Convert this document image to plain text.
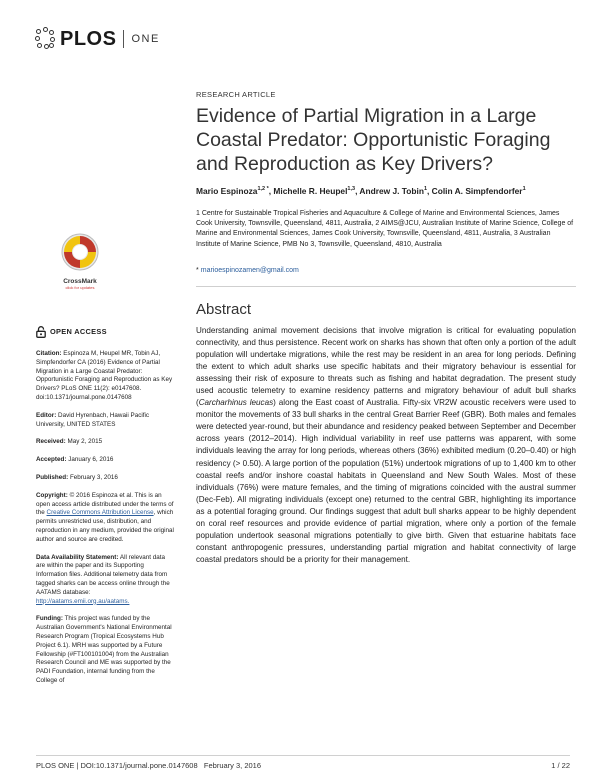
PLOS ONE
RESEARCH ARTICLE
Evidence of Partial Migration in a Large Coastal Predator: Opportunistic Foraging and Reproduction as Key Drivers?
Mario Espinoza$^{1,2 *}$, Michelle R. Heupel$^{1,3}$, Andrew J. Tobin$^1$, Colin A. Simpfendorfer$^1$
1 Centre for Sustainable Tropical Fisheries and Aquaculture & College of Marine and Environmental Sciences, James Cook University, Townsville, Queensland, 4811, Australia, 2 AIMS@JCU, Australian Institute of Marine Science, College of Marine and Environmental Sciences, James Cook University, Townsville, Queensland, 4811, Australia, 3 Australian Institute of Marine Science, PMB No 3, Townsville, Queensland, 4810, Australia
* marioespinozamen@gmail.com
Abstract

Understanding animal movement decisions that involve migration is critical for evaluating population connectivity, and thus persistence. Recent work on sharks has shown that often only a portion of the adult population will undertake migrations, while the rest may be resident in an area for long periods. Defining the extent to which adult sharks use specific habitats and their migratory behaviour is essential for assessing their risk of exposure to threats such as fishing and habitat degradation. The present study used acoustic telemetry to examine residency patterns and migratory behaviour of adult bull sharks (Carcharhinus leucas) along the East coast of Australia. Fifty-six VR2W acoustic receivers were used to monitor the movements of 33 bull sharks in the central Great Barrier Reef (GBR). Both males and females were detected year-round, but their abundance and residency peaked between September and December across years (2012–2014). High individual variability in reef use patterns was apparent, with some individuals leaving the array for long periods, whereas others (36%) exhibited medium (0.20–0.40) or high residency (> 0.50). A large portion of the population (51%) undertook migrations of up to 1,400 km to other coastal reefs and/or inshore coastal habitats in Queensland and New South Wales. Most of these individuals (76%) were mature females, and the timing of migrations coincided with the austral summer (Dec-Feb). All migrating individuals (except one) returned to the central GBR, highlighting its importance as a potential foraging ground. Our findings suggest that adult bull sharks appear to be highly dependent on coral reef resources and provide evidence of partial migration, where only a portion of the female population undertook seasonal migrations potentially to give birth. Given that estuarine habitats face constant anthropogenic pressures, understanding partial migration and habitat connectivity of large coastal predators should be a priority for their management.

CrossMark
click for updates
OPEN ACCESS

Citation: Espinoza M, Heupel MR, Tobin AJ, Simpfendorfer CA (2016) Evidence of Partial Migration in a Large Coastal Predator: Opportunistic Foraging and Reproduction as Key Drivers? PLoS ONE 11(2): e0147608. doi:10.1371/journal.pone.0147608

Editor: David Hyrenbach, Hawaii Pacific University, UNITED STATES

Received: May 2, 2015

Accepted: January 6, 2016

Published: February 3, 2016

Copyright: © 2016 Espinoza et al. This is an open access article distributed under the terms of the Creative Commons Attribution License, which permits unrestricted use, distribution, and reproduction in any medium, provided the original author and source are credited.

Data Availability Statement: All relevant data are within the paper and its Supporting Information files. Additional telemetry data from tagged sharks can be access online through the AATAMS database: http://aatams.emii.org.au/aatams.

Funding: This project was funded by the Australian Government's National Environmental Research Program (Tropical Ecosystems Hub Project 6.1). MRH was supported by a Future Fellowship (#FT100101004) from the Australian Research Council and ME was supported by the PADI Foundation, internal funding from the College of

PLOS ONE | DOI:10.1371/journal.pone.0147608 February 3, 2016	1 / 22
